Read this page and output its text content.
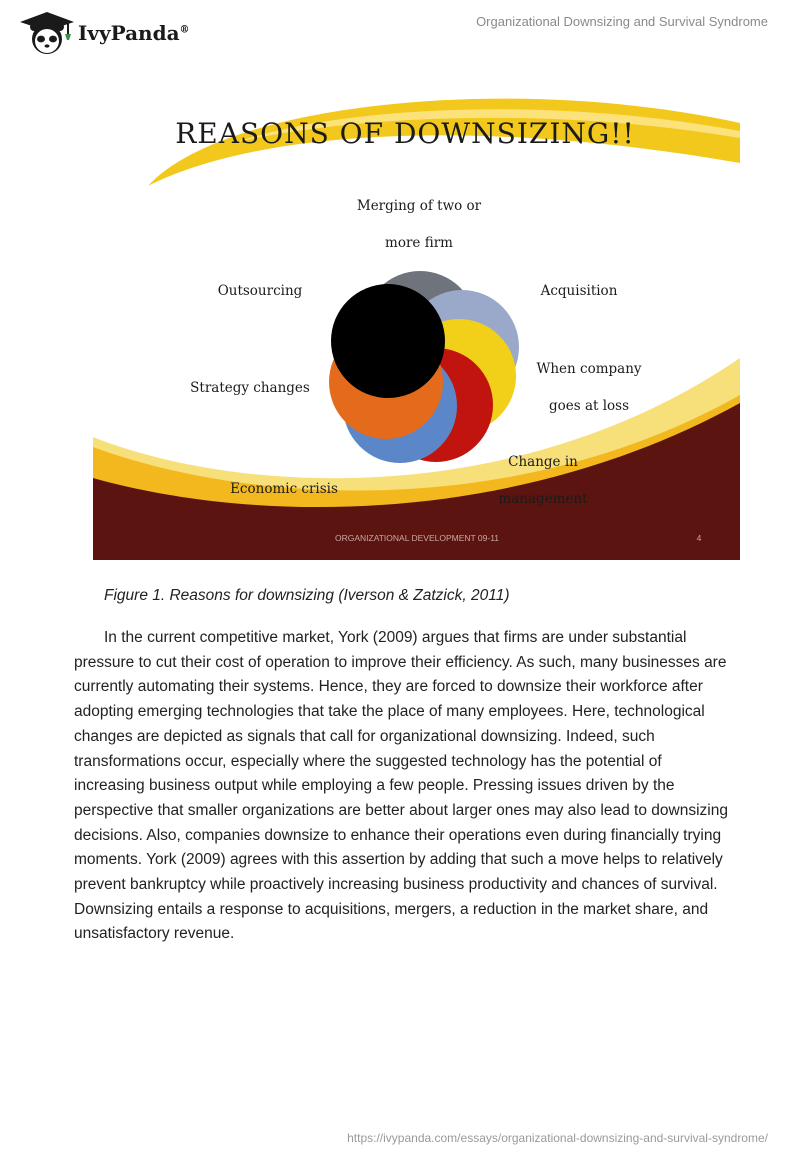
IvyPanda®
Organizational Downsizing and Survival Syndrome
REASONS OF DOWNSIZING!!
Merging of two or
more firm
Outsourcing	Acquisition
Strategy changes
When company
goes at loss
Change in
management
Economic crisis
ORGANIZATIONAL DEVELOPMENT 09-11	4
Figure 1. Reasons for downsizing (Iverson & Zatzick, 2011)

In the current competitive market, York (2009) argues that firms are under substantial pressure to cut their cost of operation to improve their efficiency. As such, many businesses are currently automating their systems. Hence, they are forced to downsize their workforce after adopting emerging technologies that take the place of many employees. Here, technological changes are depicted as signals that call for organizational downsizing. Indeed, such transformations occur, especially where the suggested technology has the potential of increasing business output while employing a few people. Pressing issues driven by the perspective that smaller organizations are better about larger ones may also lead to downsizing decisions. Also, companies downsize to enhance their operations even during financially trying moments. York (2009) agrees with this assertion by adding that such a move helps to relatively prevent bankruptcy while proactively increasing business productivity and chances of survival. Downsizing entails a response to acquisitions, mergers, a reduction in the market share, and unsatisfactory revenue.

https://ivypanda.com/essays/organizational-downsizing-and-survival-syndrome/
